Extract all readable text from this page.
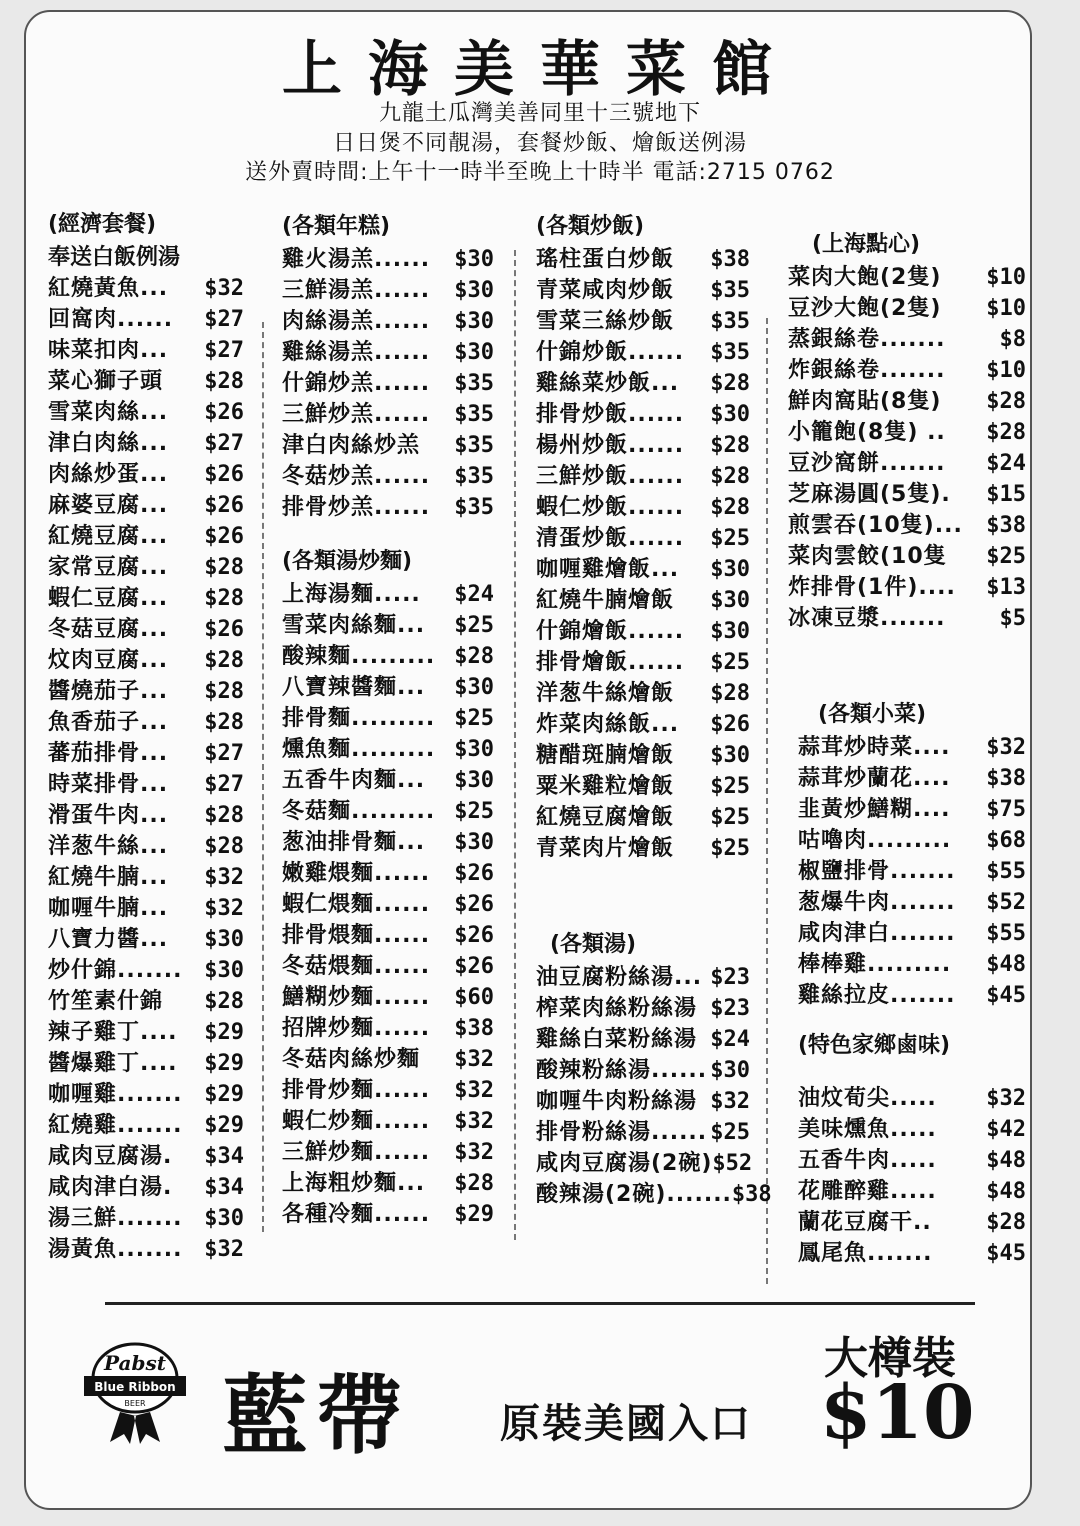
上海美華菜館
九龍土瓜灣美善同里十三號地下
日日煲不同靚湯，套餐炒飯、燴飯送例湯
送外賣時間:上午十一時半至晚上十時半 電話:2715 0762
(經濟套餐)
奉送白飯例湯
紅燒黃魚... $32
回窩肉...... $27
味菜扣肉... $27
菜心獅子頭 $28
雪菜肉絲... $26
津白肉絲... $27
肉絲炒蛋... $26
麻婆豆腐... $26
紅燒豆腐... $26
家常豆腐... $28
蝦仁豆腐... $28
冬菇豆腐... $26
炆肉豆腐... $28
醬燒茄子... $28
魚香茄子... $28
蕃茄排骨... $27
時菜排骨... $27
滑蛋牛肉... $28
洋葱牛絲... $28
紅燒牛腩... $32
咖喱牛腩... $32
八寶力醬... $30
炒什錦....... $30
竹笙素什錦 $28
辣子雞丁.... $29
醬爆雞丁.... $29
咖喱雞....... $29
紅燒雞....... $29
咸肉豆腐湯. $34
咸肉津白湯. $34
湯三鮮....... $30
湯黃魚....... $32
(各類年糕)
雞火湯羔...... $30
三鮮湯羔...... $30
肉絲湯羔...... $30
雞絲湯羔...... $30
什錦炒羔...... $35
三鮮炒羔...... $35
津白肉絲炒羔 $35
冬菇炒羔...... $35
排骨炒羔...... $35
(各類湯炒麵)
上海湯麵..... $24
雪菜肉絲麵... $25
酸辣麵......... $28
八寶辣醬麵... $30
排骨麵......... $25
燻魚麵......... $30
五香牛肉麵... $30
冬菇麵......... $25
葱油排骨麵... $30
嫩雞煨麵...... $26
蝦仁煨麵...... $26
排骨煨麵...... $26
冬菇煨麵...... $26
鱔糊炒麵...... $60
招牌炒麵...... $38
冬菇肉絲炒麵 $32
排骨炒麵...... $32
蝦仁炒麵...... $32
三鮮炒麵...... $32
上海粗炒麵... $28
各種冷麵...... $29
(各類炒飯)
瑤柱蛋白炒飯 $38
青菜咸肉炒飯 $35
雪菜三絲炒飯 $35
什錦炒飯...... $35
雞絲菜炒飯... $28
排骨炒飯...... $30
楊州炒飯...... $28
三鮮炒飯...... $28
蝦仁炒飯...... $28
清蛋炒飯...... $25
咖喱雞燴飯... $30
紅燒牛腩燴飯 $30
什錦燴飯...... $30
排骨燴飯...... $25
洋葱牛絲燴飯 $28
炸菜肉絲飯... $26
糖醋斑腩燴飯 $30
粟米雞粒燴飯 $25
紅燒豆腐燴飯 $25
青菜肉片燴飯 $25
(各類湯)
油豆腐粉絲湯... $23
榨菜肉絲粉絲湯 $23
雞絲白菜粉絲湯 $24
酸辣粉絲湯...... $30
咖喱牛肉粉絲湯 $32
排骨粉絲湯...... $25
咸肉豆腐湯(2碗) $52
酸辣湯(2碗)....... $38
(上海點心)
菜肉大飽(2隻) $10
豆沙大飽(2隻) $10
蒸銀絲卷....... $8
炸銀絲卷....... $10
鮮肉窩貼(8隻) $28
小籠飽(8隻) .. $28
豆沙窩餅....... $24
芝麻湯圓(5隻). $15
煎雲吞(10隻)... $38
菜肉雲餃(10隻 $25
炸排骨(1件).... $13
冰凍豆漿....... $5
(各類小菜)
蒜茸炒時菜.... $32
蒜茸炒蘭花.... $38
韭黃炒鱔糊.... $75
咕嚕肉......... $68
椒鹽排骨....... $55
葱爆牛肉....... $52
咸肉津白....... $55
棒棒雞......... $48
雞絲拉皮....... $45
(特色家鄉鹵味)
油炆荀尖..... $32
美味燻魚..... $42
五香牛肉..... $48
花雕醉雞..... $48
蘭花豆腐干.. $28
鳳尾魚....... $45
Pabst
Blue Ribbon
BEER 藍帶 原裝美國入口
大樽裝
$10
